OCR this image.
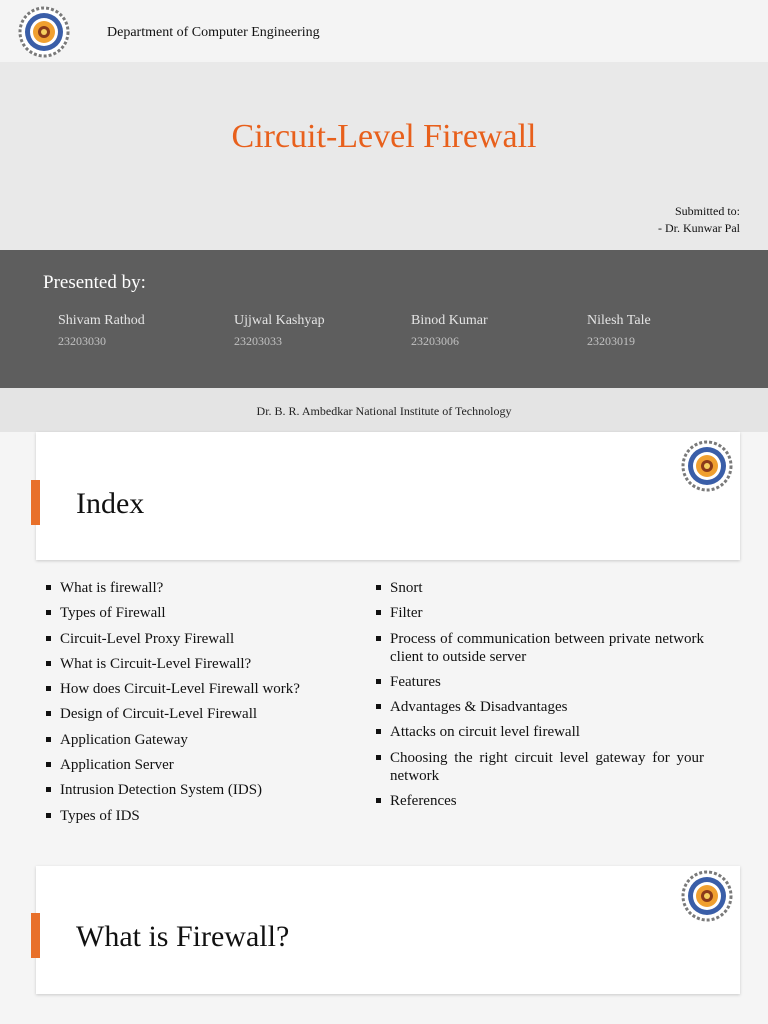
Department of Computer Engineering
Circuit-Level Firewall
Submitted to:
- Dr. Kunwar Pal
Presented by:
Shivam Rathod
23203030
Ujjwal Kashyap
23203033
Binod Kumar
23203006
Nilesh Tale
23203019
Dr. B. R. Ambedkar National Institute of Technology
Index
What is firewall?
Types of Firewall
Circuit-Level Proxy Firewall
What is Circuit-Level Firewall?
How does Circuit-Level Firewall work?
Design of Circuit-Level Firewall
Application Gateway
Application Server
Intrusion Detection System (IDS)
Types of IDS
Snort
Filter
Process of communication between private network client to outside server
Features
Advantages & Disadvantages
Attacks on circuit level firewall
Choosing the right circuit level gateway for your network
References
What is Firewall?
